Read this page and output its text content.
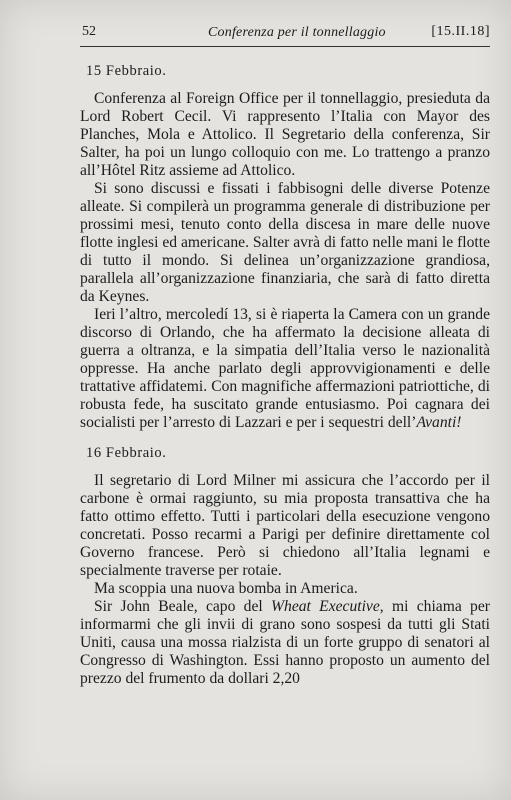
52	Conferenza per il tonnellaggio	[15.II.18]
15 Febbraio.

Conferenza al Foreign Office per il tonnellaggio, presieduta da Lord Robert Cecil. Vi rappresento l’Italia con Mayor des Planches, Mola e Attolico. Il Segretario della conferenza, Sir Salter, ha poi un lungo colloquio con me. Lo trattengo a pranzo all’Hôtel Ritz assieme ad Attolico.

Si sono discussi e fissati i fabbisogni delle diverse Potenze alleate. Si compilerà un programma generale di distribuzione per prossimi mesi, tenuto conto della discesa in mare delle nuove flotte inglesi ed americane. Salter avrà di fatto nelle mani le flotte di tutto il mondo. Si delinea un’organizzazione grandiosa, parallela all’organizzazione finanziaria, che sarà di fatto diretta da Keynes.

Ieri l’altro, mercoledí 13, si è riaperta la Camera con un grande discorso di Orlando, che ha affermato la decisione alleata di guerra a oltranza, e la simpatia dell’Italia verso le nazionalità oppresse. Ha anche parlato degli approvvigionamenti e delle trattative affidatemi. Con magnifiche affermazioni patriottiche, di robusta fede, ha suscitato grande entusiasmo. Poi cagnara dei socialisti per l’arresto di Lazzari e per i sequestri dell’Avanti!

16 Febbraio.

Il segretario di Lord Milner mi assicura che l’accordo per il carbone è ormai raggiunto, su mia proposta transattiva che ha fatto ottimo effetto. Tutti i particolari della esecuzione vengono concretati. Posso recarmi a Parigi per definire direttamente col Governo francese. Però si chiedono all’Italia legnami e specialmente traverse per rotaie.

Ma scoppia una nuova bomba in America.

Sir John Beale, capo del Wheat Executive, mi chiama per informarmi che gli invii di grano sono sospesi da tutti gli Stati Uniti, causa una mossa rialzista di un forte gruppo di senatori al Congresso di Washington. Essi hanno proposto un aumento del prezzo del frumento da dollari 2,20
